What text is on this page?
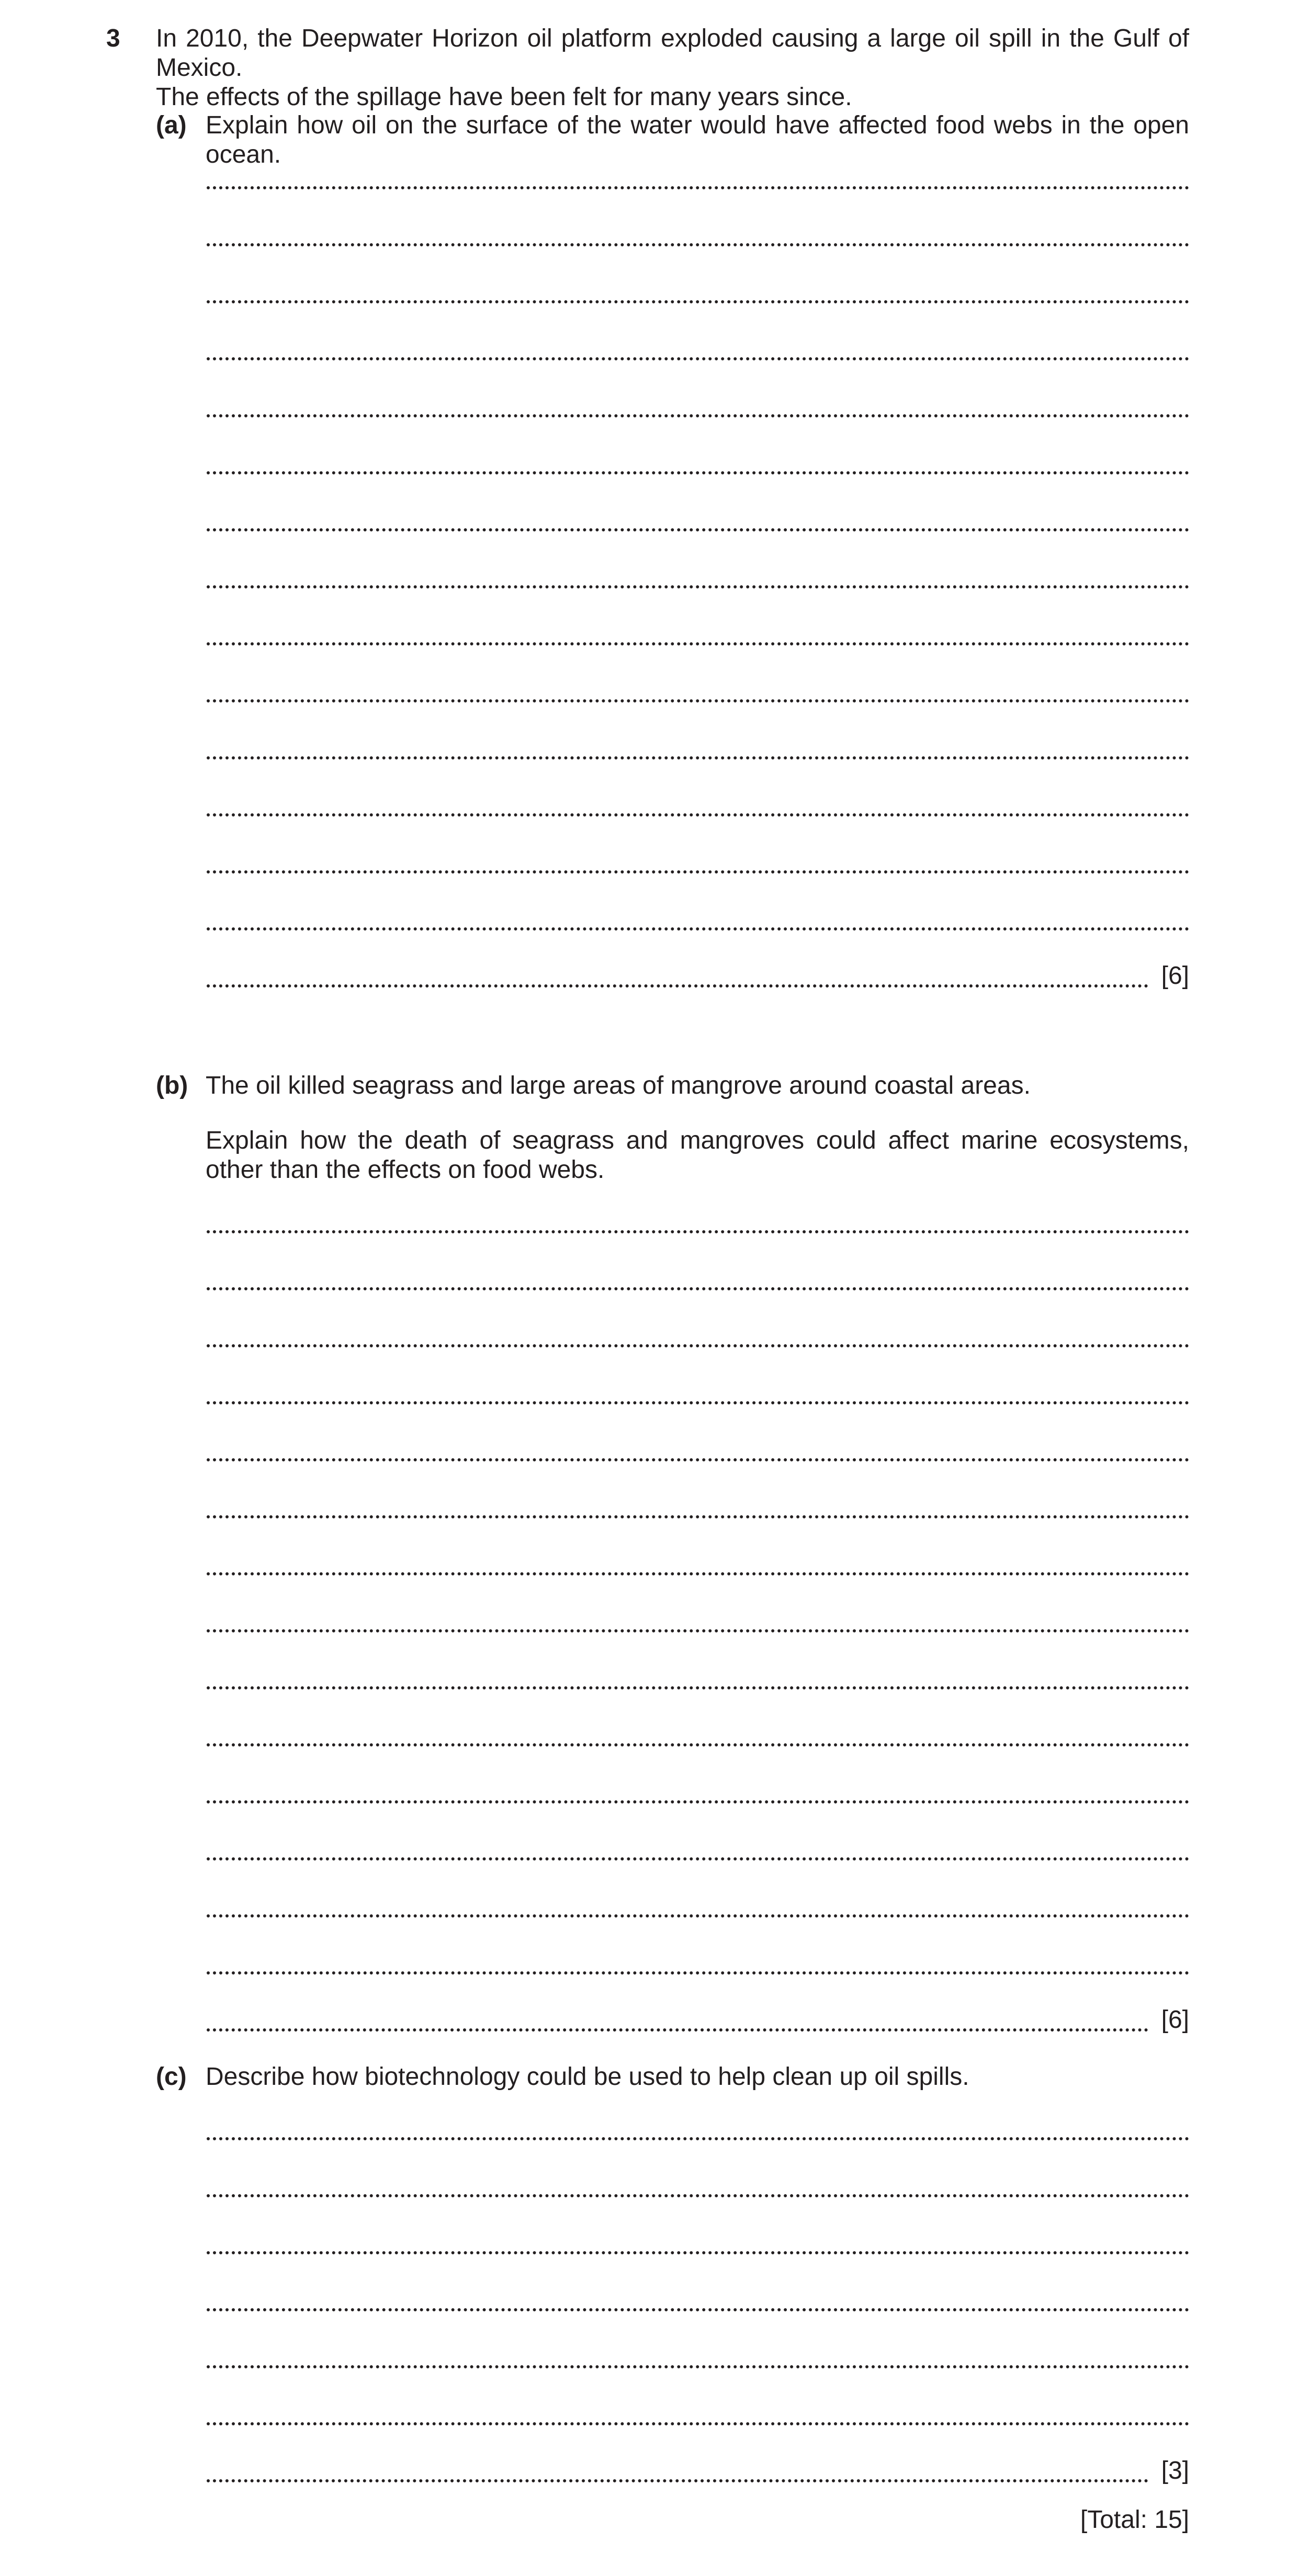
3 In 2010, the Deepwater Horizon oil platform exploded causing a large oil spill in the Gulf of Mexico.
The effects of the spillage have been felt for many years since.
(a) Explain how oil on the surface of the water would have affected food webs in the open ocean.
[6]
(b) The oil killed seagrass and large areas of mangrove around coastal areas.
Explain how the death of seagrass and mangroves could affect marine ecosystems, other than the effects on food webs.
[6]
(c) Describe how biotechnology could be used to help clean up oil spills.
[3]
[Total: 15]
